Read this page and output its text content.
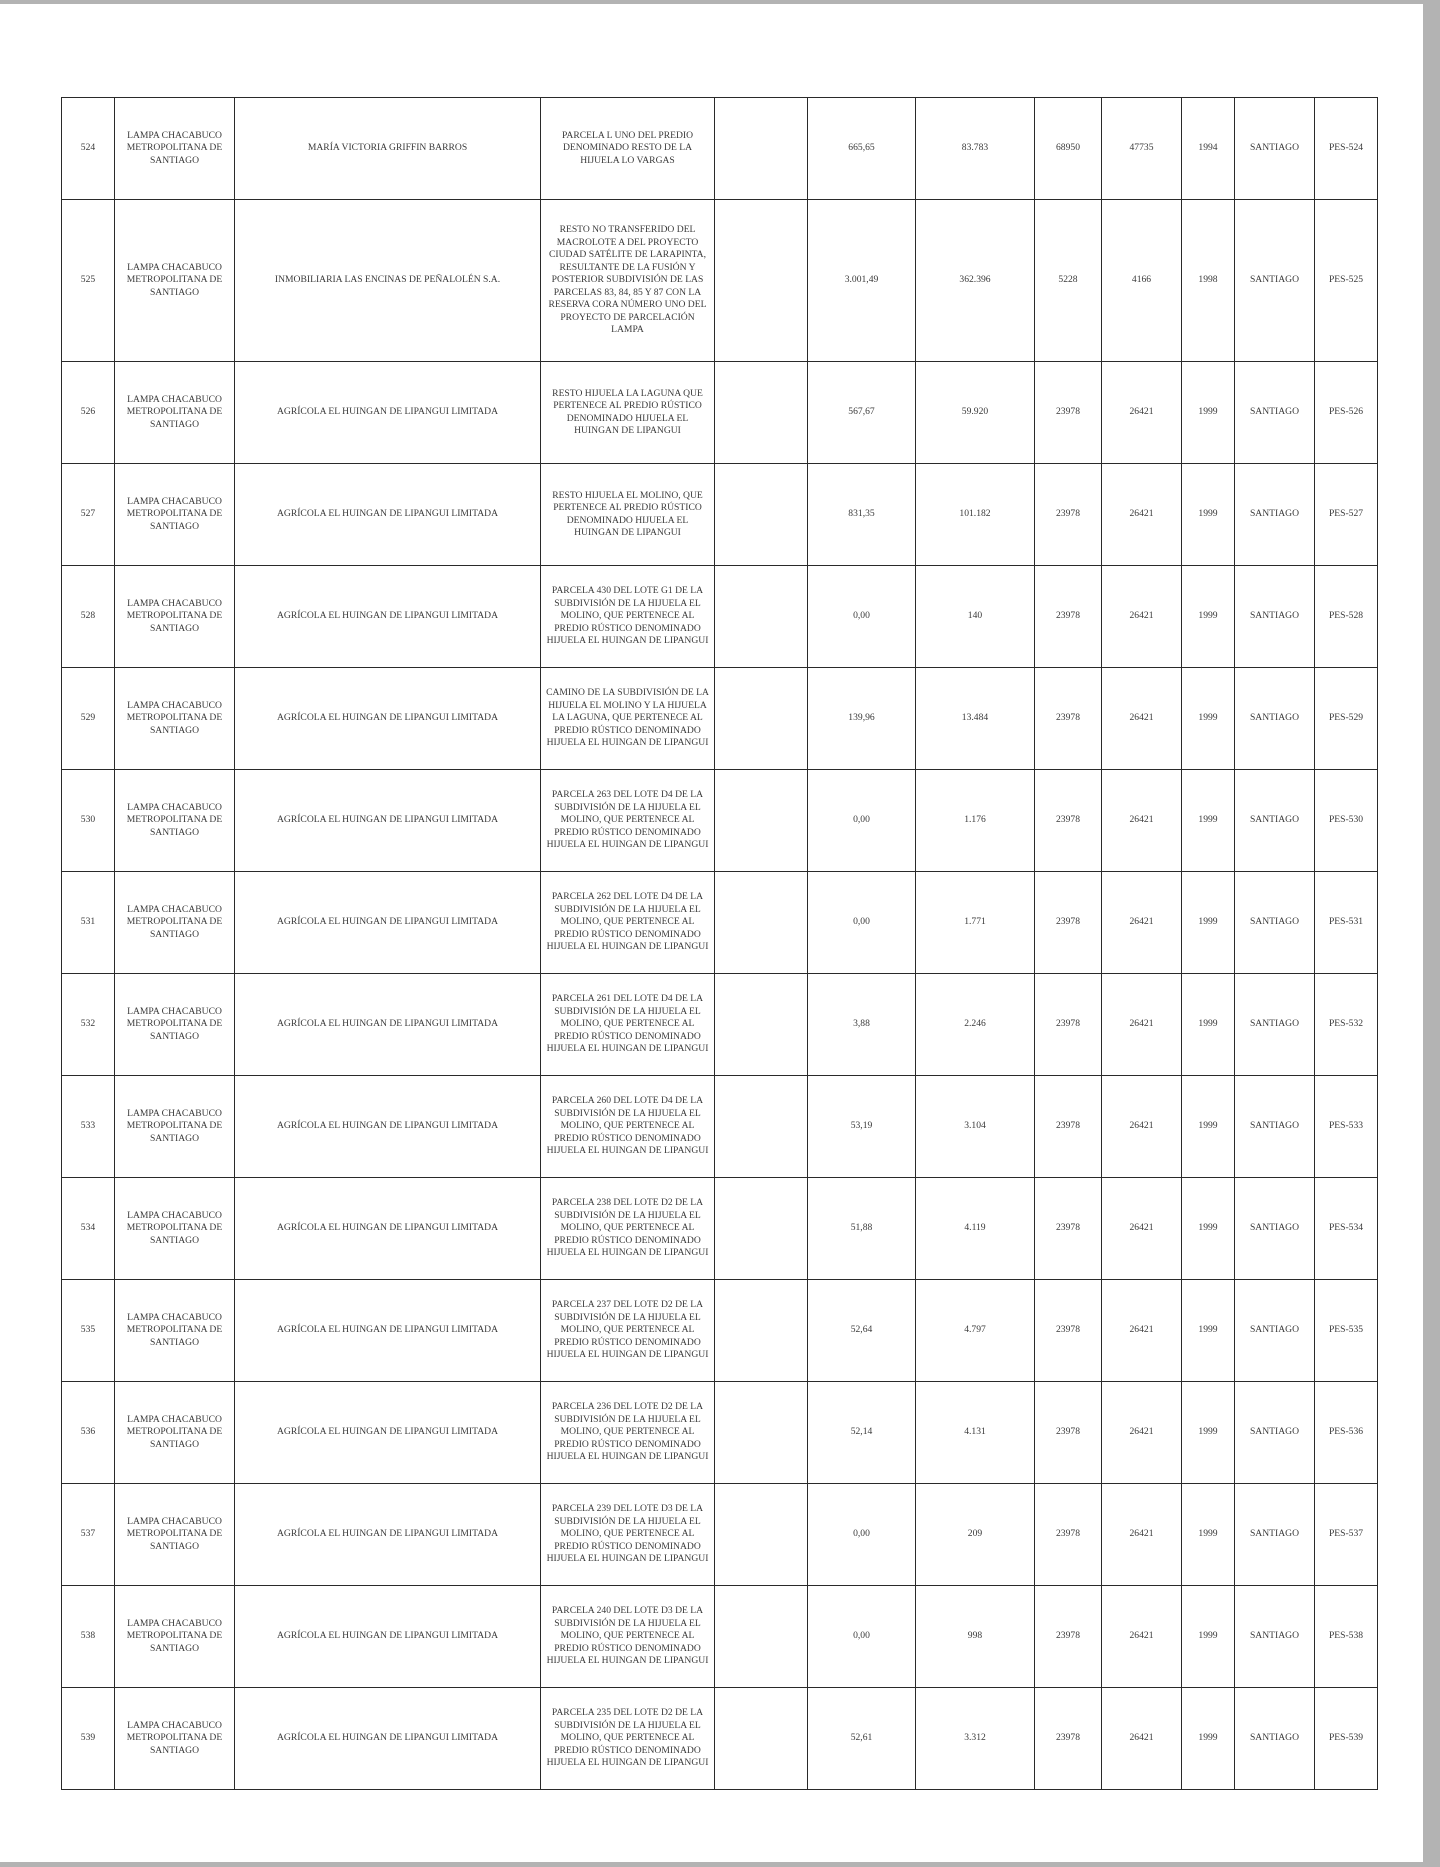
524	LAMPA CHACABUCO METROPOLITANA DE SANTIAGO	MARÍA VICTORIA GRIFFIN BARROS	PARCELA L UNO DEL PREDIO DENOMINADO RESTO DE LA HIJUELA LO VARGAS		665,65	83.783	68950	47735	1994	SANTIAGO	PES-524
525	LAMPA CHACABUCO METROPOLITANA DE SANTIAGO	INMOBILIARIA LAS ENCINAS DE PEÑALOLÉN S.A.	RESTO NO TRANSFERIDO DEL MACROLOTE A DEL PROYECTO CIUDAD SATÉLITE DE LARAPINTA, RESULTANTE DE LA FUSIÓN Y POSTERIOR SUBDIVISIÓN DE LAS PARCELAS 83, 84, 85 Y 87 CON LA RESERVA CORA NÚMERO UNO DEL PROYECTO DE PARCELACIÓN LAMPA		3.001,49	362.396	5228	4166	1998	SANTIAGO	PES-525
526	LAMPA CHACABUCO METROPOLITANA DE SANTIAGO	AGRÍCOLA EL HUINGAN DE LIPANGUI LIMITADA	RESTO HIJUELA LA LAGUNA QUE PERTENECE AL PREDIO RÚSTICO DENOMINADO HIJUELA EL HUINGAN DE LIPANGUI		567,67	59.920	23978	26421	1999	SANTIAGO	PES-526
527	LAMPA CHACABUCO METROPOLITANA DE SANTIAGO	AGRÍCOLA EL HUINGAN DE LIPANGUI LIMITADA	RESTO HIJUELA EL MOLINO, QUE PERTENECE AL PREDIO RÚSTICO DENOMINADO HIJUELA EL HUINGAN DE LIPANGUI		831,35	101.182	23978	26421	1999	SANTIAGO	PES-527
528	LAMPA CHACABUCO METROPOLITANA DE SANTIAGO	AGRÍCOLA EL HUINGAN DE LIPANGUI LIMITADA	PARCELA 430 DEL LOTE G1 DE LA SUBDIVISIÓN DE LA HIJUELA EL MOLINO, QUE PERTENECE AL PREDIO RÚSTICO DENOMINADO HIJUELA EL HUINGAN DE LIPANGUI		0,00	140	23978	26421	1999	SANTIAGO	PES-528
529	LAMPA CHACABUCO METROPOLITANA DE SANTIAGO	AGRÍCOLA EL HUINGAN DE LIPANGUI LIMITADA	CAMINO DE LA SUBDIVISIÓN DE LA HIJUELA EL MOLINO Y LA HIJUELA LA LAGUNA, QUE PERTENECE AL PREDIO RÚSTICO DENOMINADO HIJUELA EL HUINGAN DE LIPANGUI		139,96	13.484	23978	26421	1999	SANTIAGO	PES-529
530	LAMPA CHACABUCO METROPOLITANA DE SANTIAGO	AGRÍCOLA EL HUINGAN DE LIPANGUI LIMITADA	PARCELA 263 DEL LOTE D4 DE LA SUBDIVISIÓN DE LA HIJUELA EL MOLINO, QUE PERTENECE AL PREDIO RÚSTICO DENOMINADO HIJUELA EL HUINGAN DE LIPANGUI		0,00	1.176	23978	26421	1999	SANTIAGO	PES-530
531	LAMPA CHACABUCO METROPOLITANA DE SANTIAGO	AGRÍCOLA EL HUINGAN DE LIPANGUI LIMITADA	PARCELA 262 DEL LOTE D4 DE LA SUBDIVISIÓN DE LA HIJUELA EL MOLINO, QUE PERTENECE AL PREDIO RÚSTICO DENOMINADO HIJUELA EL HUINGAN DE LIPANGUI		0,00	1.771	23978	26421	1999	SANTIAGO	PES-531
532	LAMPA CHACABUCO METROPOLITANA DE SANTIAGO	AGRÍCOLA EL HUINGAN DE LIPANGUI LIMITADA	PARCELA 261 DEL LOTE D4 DE LA SUBDIVISIÓN DE LA HIJUELA EL MOLINO, QUE PERTENECE AL PREDIO RÚSTICO DENOMINADO HIJUELA EL HUINGAN DE LIPANGUI		3,88	2.246	23978	26421	1999	SANTIAGO	PES-532
533	LAMPA CHACABUCO METROPOLITANA DE SANTIAGO	AGRÍCOLA EL HUINGAN DE LIPANGUI LIMITADA	PARCELA 260 DEL LOTE D4 DE LA SUBDIVISIÓN DE LA HIJUELA EL MOLINO, QUE PERTENECE AL PREDIO RÚSTICO DENOMINADO HIJUELA EL HUINGAN DE LIPANGUI		53,19	3.104	23978	26421	1999	SANTIAGO	PES-533
534	LAMPA CHACABUCO METROPOLITANA DE SANTIAGO	AGRÍCOLA EL HUINGAN DE LIPANGUI LIMITADA	PARCELA 238 DEL LOTE D2 DE LA SUBDIVISIÓN DE LA HIJUELA EL MOLINO, QUE PERTENECE AL PREDIO RÚSTICO DENOMINADO HIJUELA EL HUINGAN DE LIPANGUI		51,88	4.119	23978	26421	1999	SANTIAGO	PES-534
535	LAMPA CHACABUCO METROPOLITANA DE SANTIAGO	AGRÍCOLA EL HUINGAN DE LIPANGUI LIMITADA	PARCELA 237 DEL LOTE D2 DE LA SUBDIVISIÓN DE LA HIJUELA EL MOLINO, QUE PERTENECE AL PREDIO RÚSTICO DENOMINADO HIJUELA EL HUINGAN DE LIPANGUI		52,64	4.797	23978	26421	1999	SANTIAGO	PES-535
536	LAMPA CHACABUCO METROPOLITANA DE SANTIAGO	AGRÍCOLA EL HUINGAN DE LIPANGUI LIMITADA	PARCELA 236 DEL LOTE D2 DE LA SUBDIVISIÓN DE LA HIJUELA EL MOLINO, QUE PERTENECE AL PREDIO RÚSTICO DENOMINADO HIJUELA EL HUINGAN DE LIPANGUI		52,14	4.131	23978	26421	1999	SANTIAGO	PES-536
537	LAMPA CHACABUCO METROPOLITANA DE SANTIAGO	AGRÍCOLA EL HUINGAN DE LIPANGUI LIMITADA	PARCELA 239 DEL LOTE D3 DE LA SUBDIVISIÓN DE LA HIJUELA EL MOLINO, QUE PERTENECE AL PREDIO RÚSTICO DENOMINADO HIJUELA EL HUINGAN DE LIPANGUI		0,00	209	23978	26421	1999	SANTIAGO	PES-537
538	LAMPA CHACABUCO METROPOLITANA DE SANTIAGO	AGRÍCOLA EL HUINGAN DE LIPANGUI LIMITADA	PARCELA 240 DEL LOTE D3 DE LA SUBDIVISIÓN DE LA HIJUELA EL MOLINO, QUE PERTENECE AL PREDIO RÚSTICO DENOMINADO HIJUELA EL HUINGAN DE LIPANGUI		0,00	998	23978	26421	1999	SANTIAGO	PES-538
539	LAMPA CHACABUCO METROPOLITANA DE SANTIAGO	AGRÍCOLA EL HUINGAN DE LIPANGUI LIMITADA	PARCELA 235 DEL LOTE D2 DE LA SUBDIVISIÓN DE LA HIJUELA EL MOLINO, QUE PERTENECE AL PREDIO RÚSTICO DENOMINADO HIJUELA EL HUINGAN DE LIPANGUI		52,61	3.312	23978	26421	1999	SANTIAGO	PES-539
